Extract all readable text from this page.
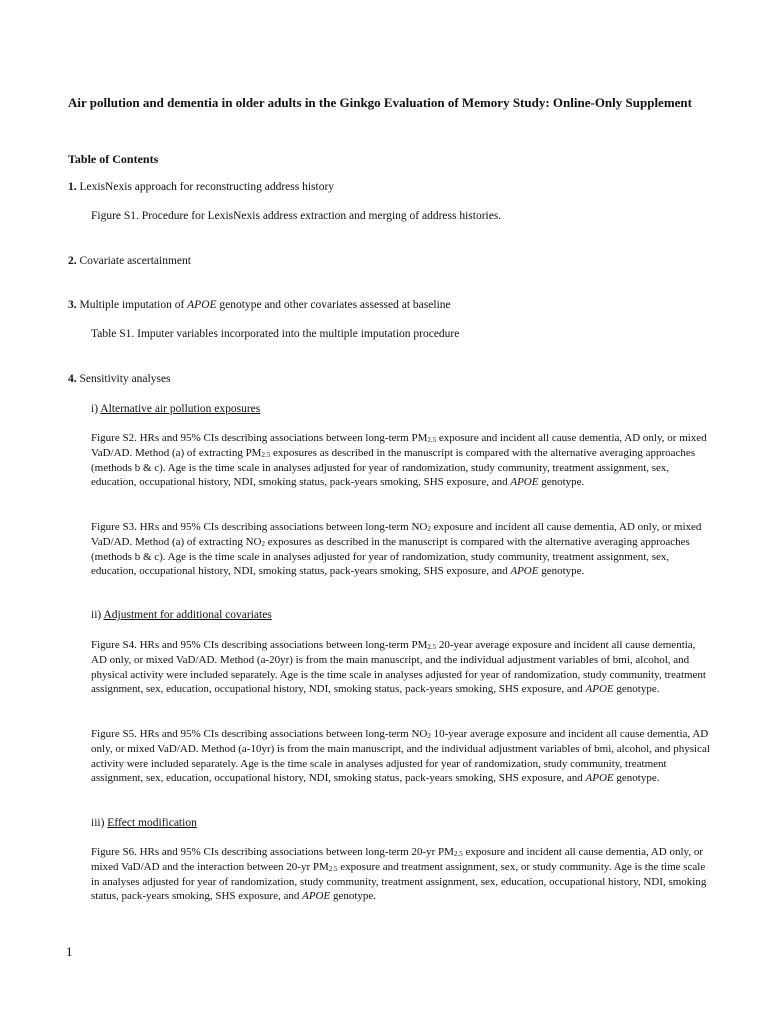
Air pollution and dementia in older adults in the Ginkgo Evaluation of Memory Study: Online-Only Supplement
Table of Contents
1. LexisNexis approach for reconstructing address history
Figure S1. Procedure for LexisNexis address extraction and merging of address histories.
2. Covariate ascertainment
3. Multiple imputation of APOE genotype and other covariates assessed at baseline
Table S1. Imputer variables incorporated into the multiple imputation procedure
4. Sensitivity analyses
i) Alternative air pollution exposures
Figure S2. HRs and 95% CIs describing associations between long-term $PM_{2.5}$ exposure and incident all cause dementia, AD only, or mixed VaD/AD. Method (a) of extracting $PM_{2.5}$ exposures as described in the manuscript is compared with the alternative averaging approaches (methods b & c). Age is the time scale in analyses adjusted for year of randomization, study community, treatment assignment, sex, education, occupational history, NDI, smoking status, pack-years smoking, SHS exposure, and APOE genotype.
Figure S3. HRs and 95% CIs describing associations between long-term $NO_2$ exposure and incident all cause dementia, AD only, or mixed VaD/AD. Method (a) of extracting $NO_2$ exposures as described in the manuscript is compared with the alternative averaging approaches (methods b & c). Age is the time scale in analyses adjusted for year of randomization, study community, treatment assignment, sex, education, occupational history, NDI, smoking status, pack-years smoking, SHS exposure, and APOE genotype.
ii) Adjustment for additional covariates
Figure S4. HRs and 95% CIs describing associations between long-term $PM_{2.5}$ 20-year average exposure and incident all cause dementia, AD only, or mixed VaD/AD. Method (a-20yr) is from the main manuscript, and the individual adjustment variables of bmi, alcohol, and physical activity were included separately. Age is the time scale in analyses adjusted for year of randomization, study community, treatment assignment, sex, education, occupational history, NDI, smoking status, pack-years smoking, SHS exposure, and APOE genotype.
Figure S5. HRs and 95% CIs describing associations between long-term $NO_2$ 10-year average exposure and incident all cause dementia, AD only, or mixed VaD/AD. Method (a-10yr) is from the main manuscript, and the individual adjustment variables of bmi, alcohol, and physical activity were included separately. Age is the time scale in analyses adjusted for year of randomization, study community, treatment assignment, sex, education, occupational history, NDI, smoking status, pack-years smoking, SHS exposure, and APOE genotype.
iii) Effect modification
Figure S6. HRs and 95% CIs describing associations between long-term 20-yr $PM_{2.5}$ exposure and incident all cause dementia, AD only, or mixed VaD/AD and the interaction between 20-yr $PM_{2.5}$ exposure and treatment assignment, sex, or study community. Age is the time scale in analyses adjusted for year of randomization, study community, treatment assignment, sex, education, occupational history, NDI, smoking status, pack-years smoking, SHS exposure, and APOE genotype.
1
